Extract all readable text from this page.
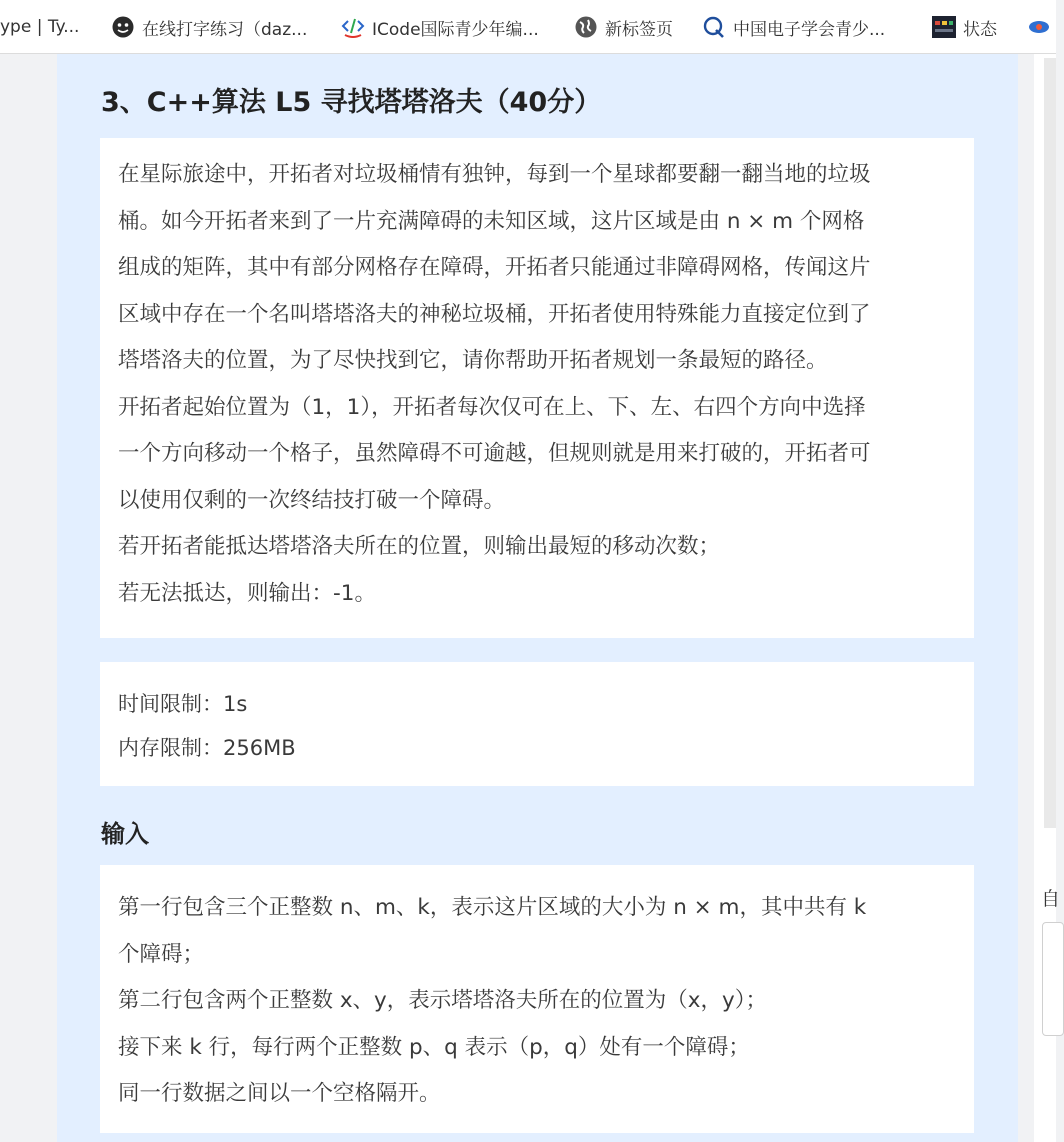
ype | Ty...	在线打字练习（daz...	ICode国际青少年编...	新标签页	中国电子学会青少...	状态
自
3、C++算法 L5 寻找塔塔洛夫（40分）
在星际旅途中，开拓者对垃圾桶情有独钟，每到一个星球都要翻一翻当地的垃圾
桶。如今开拓者来到了一片充满障碍的未知区域，这片区域是由 n × m 个网格
组成的矩阵，其中有部分网格存在障碍，开拓者只能通过非障碍网格，传闻这片
区域中存在一个名叫塔塔洛夫的神秘垃圾桶，开拓者使用特殊能力直接定位到了
塔塔洛夫的位置，为了尽快找到它，请你帮助开拓者规划一条最短的路径。
开拓者起始位置为（1，1），开拓者每次仅可在上、下、左、右四个方向中选择
一个方向移动一个格子，虽然障碍不可逾越，但规则就是用来打破的，开拓者可
以使用仅剩的一次终结技打破一个障碍。
若开拓者能抵达塔塔洛夫所在的位置，则输出最短的移动次数；
若无法抵达，则输出：-1。
时间限制：1s
内存限制：256MB
输入
第一行包含三个正整数 n、m、k，表示这片区域的大小为 n × m，其中共有 k
个障碍；
第二行包含两个正整数 x、y，表示塔塔洛夫所在的位置为（x，y）；
接下来 k 行，每行两个正整数 p、q 表示（p，q）处有一个障碍；
同一行数据之间以一个空格隔开。
